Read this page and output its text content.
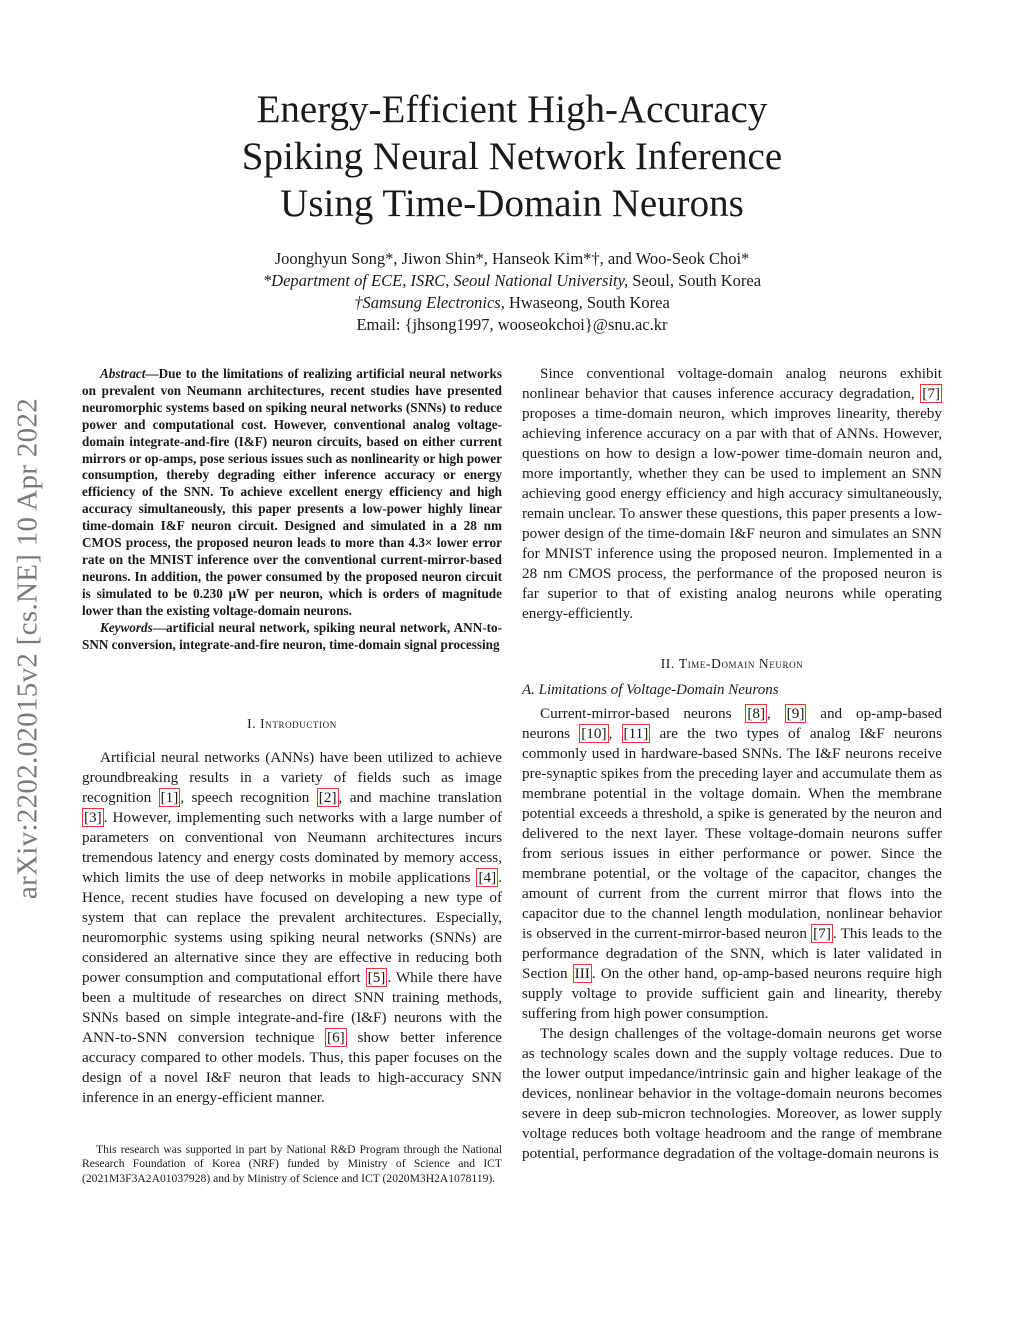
Energy-Efficient High-Accuracy
Spiking Neural Network Inference
Using Time-Domain Neurons
Joonghyun Song*, Jiwon Shin*, Hanseok Kim*†, and Woo-Seok Choi*
*Department of ECE, ISRC, Seoul National University, Seoul, South Korea
†Samsung Electronics, Hwaseong, South Korea
Email: {jhsong1997, wooseokchoi}@snu.ac.kr
arXiv:2202.02015v2 [cs.NE] 10 Apr 2022

Abstract—Due to the limitations of realizing artificial neural networks on prevalent von Neumann architectures, recent studies have presented neuromorphic systems based on spiking neural networks (SNNs) to reduce power and computational cost. However, conventional analog voltage-domain integrate-and-fire (I&F) neuron circuits, based on either current mirrors or op-amps, pose serious issues such as nonlinearity or high power consumption, thereby degrading either inference accuracy or energy efficiency of the SNN. To achieve excellent energy efficiency and high accuracy simultaneously, this paper presents a low-power highly linear time-domain I&F neuron circuit. Designed and simulated in a 28 nm CMOS process, the proposed neuron leads to more than 4.3× lower error rate on the MNIST inference over the conventional current-mirror-based neurons. In addition, the power consumed by the proposed neuron circuit is simulated to be 0.230 μW per neuron, which is orders of magnitude lower than the existing voltage-domain neurons.

Keywords—artificial neural network, spiking neural network, ANN-to-SNN conversion, integrate-and-fire neuron, time-domain signal processing

I. Introduction

Artificial neural networks (ANNs) have been utilized to achieve groundbreaking results in a variety of fields such as image recognition [1] , speech recognition [2] , and machine translation [3] . However, implementing such networks with a large number of parameters on conventional von Neumann architectures incurs tremendous latency and energy costs dominated by memory access, which limits the use of deep networks in mobile applications [4] . Hence, recent studies have focused on developing a new type of system that can replace the prevalent architectures. Especially, neuromorphic systems using spiking neural networks (SNNs) are considered an alternative since they are effective in reducing both power consumption and computational effort [5] . While there have been a multitude of researches on direct SNN training methods, SNNs based on simple integrate-and-fire (I&F) neurons with the ANN-to-SNN conversion technique [6] show better inference accuracy compared to other models. Thus, this paper focuses on the design of a novel I&F neuron that leads to high-accuracy SNN inference in an energy-efficient manner.

This research was supported in part by National R&D Program through the National Research Foundation of Korea (NRF) funded by Ministry of Science and ICT (2021M3F3A2A01037928) and by Ministry of Science and ICT (2020M3H2A1078119).

Since conventional voltage-domain analog neurons exhibit nonlinear behavior that causes inference accuracy degradation, [7] proposes a time-domain neuron, which improves linearity, thereby achieving inference accuracy on a par with that of ANNs. However, questions on how to design a low-power time-domain neuron and, more importantly, whether they can be used to implement an SNN achieving good energy efficiency and high accuracy simultaneously, remain unclear. To answer these questions, this paper presents a low-power design of the time-domain I&F neuron and simulates an SNN for MNIST inference using the proposed neuron. Implemented in a 28 nm CMOS process, the performance of the proposed neuron is far superior to that of existing analog neurons while operating energy-efficiently.

II. Time-Domain Neuron
A. Limitations of Voltage-Domain Neurons

Current-mirror-based neurons [8] , [9] and op-amp-based neurons [10] , [11] are the two types of analog I&F neurons commonly used in hardware-based SNNs. The I&F neurons receive pre-synaptic spikes from the preceding layer and accumulate them as membrane potential in the voltage domain. When the membrane potential exceeds a threshold, a spike is generated by the neuron and delivered to the next layer. These voltage-domain neurons suffer from serious issues in either performance or power. Since the membrane potential, or the voltage of the capacitor, changes the amount of current from the current mirror that flows into the capacitor due to the channel length modulation, nonlinear behavior is observed in the current-mirror-based neuron [7] . This leads to the performance degradation of the SNN, which is later validated in Section III . On the other hand, op-amp-based neurons require high supply voltage to provide sufficient gain and linearity, thereby suffering from high power consumption.

The design challenges of the voltage-domain neurons get worse as technology scales down and the supply voltage reduces. Due to the lower output impedance/intrinsic gain and higher leakage of the devices, nonlinear behavior in the voltage-domain neurons becomes severe in deep sub-micron technologies. Moreover, as lower supply voltage reduces both voltage headroom and the range of membrane potential, performance degradation of the voltage-domain neurons is
